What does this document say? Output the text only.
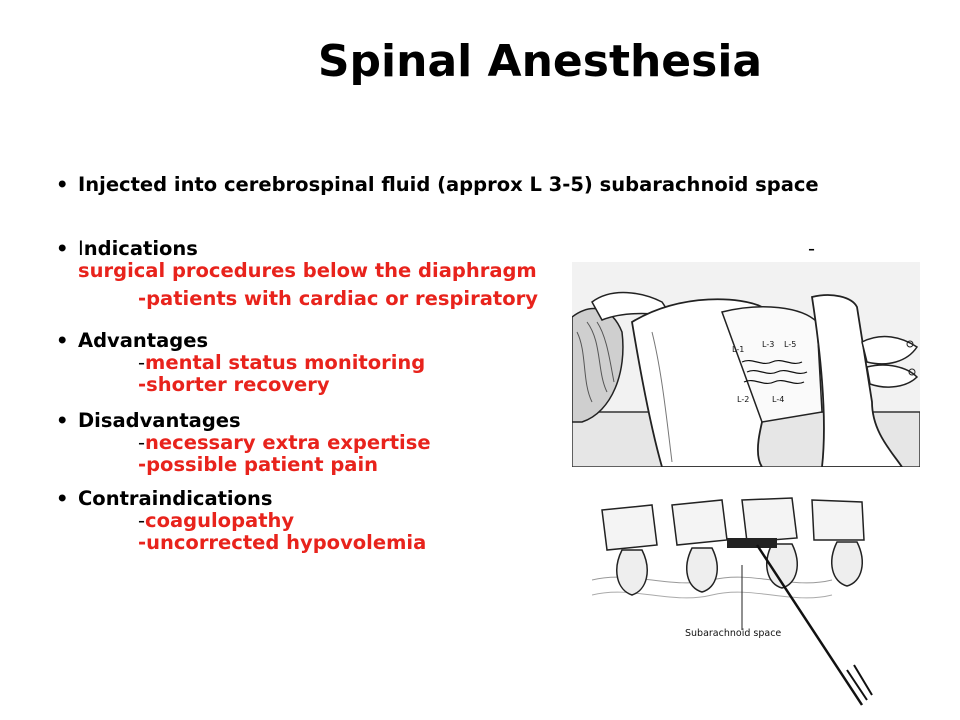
Spinal Anesthesia
• Injected into cerebrospinal fluid (approx L 3-5) subarachnoid space
• Indications	-
surgical procedures below the diaphragm
-patients with cardiac or respiratory
• Advantages
-mental status monitoring
-shorter recovery
• Disadvantages
-necessary extra expertise
-possible patient pain
• Contraindications
-coagulopathy
-uncorrected hypovolemia
L-1
L-3 L-5
L-2	L-4
Subarachnoid space
